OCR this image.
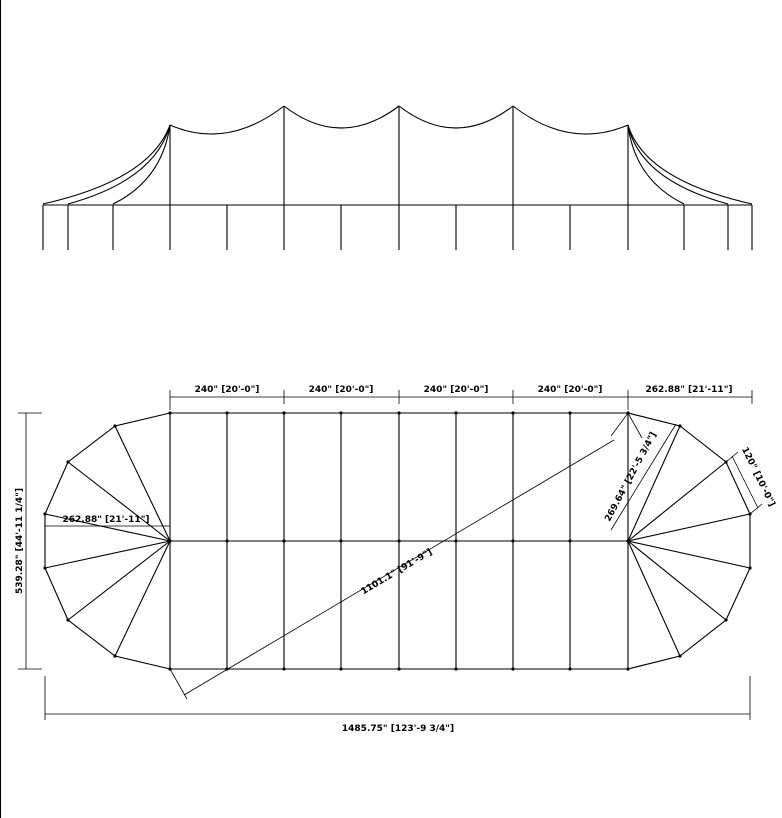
240" [20'-0"]	240" [20'-0"]	240" [20'-0"]	240" [20'-0"]	262.88" [21'-11"]
539.28" [44'-11 1/4"]	262.88" [21'-11"]
1485.75" [123'-9 3/4"]
1101.1" [91'-9"]
269.64" [22'-5 3/4"]	120" [10'-0"]
